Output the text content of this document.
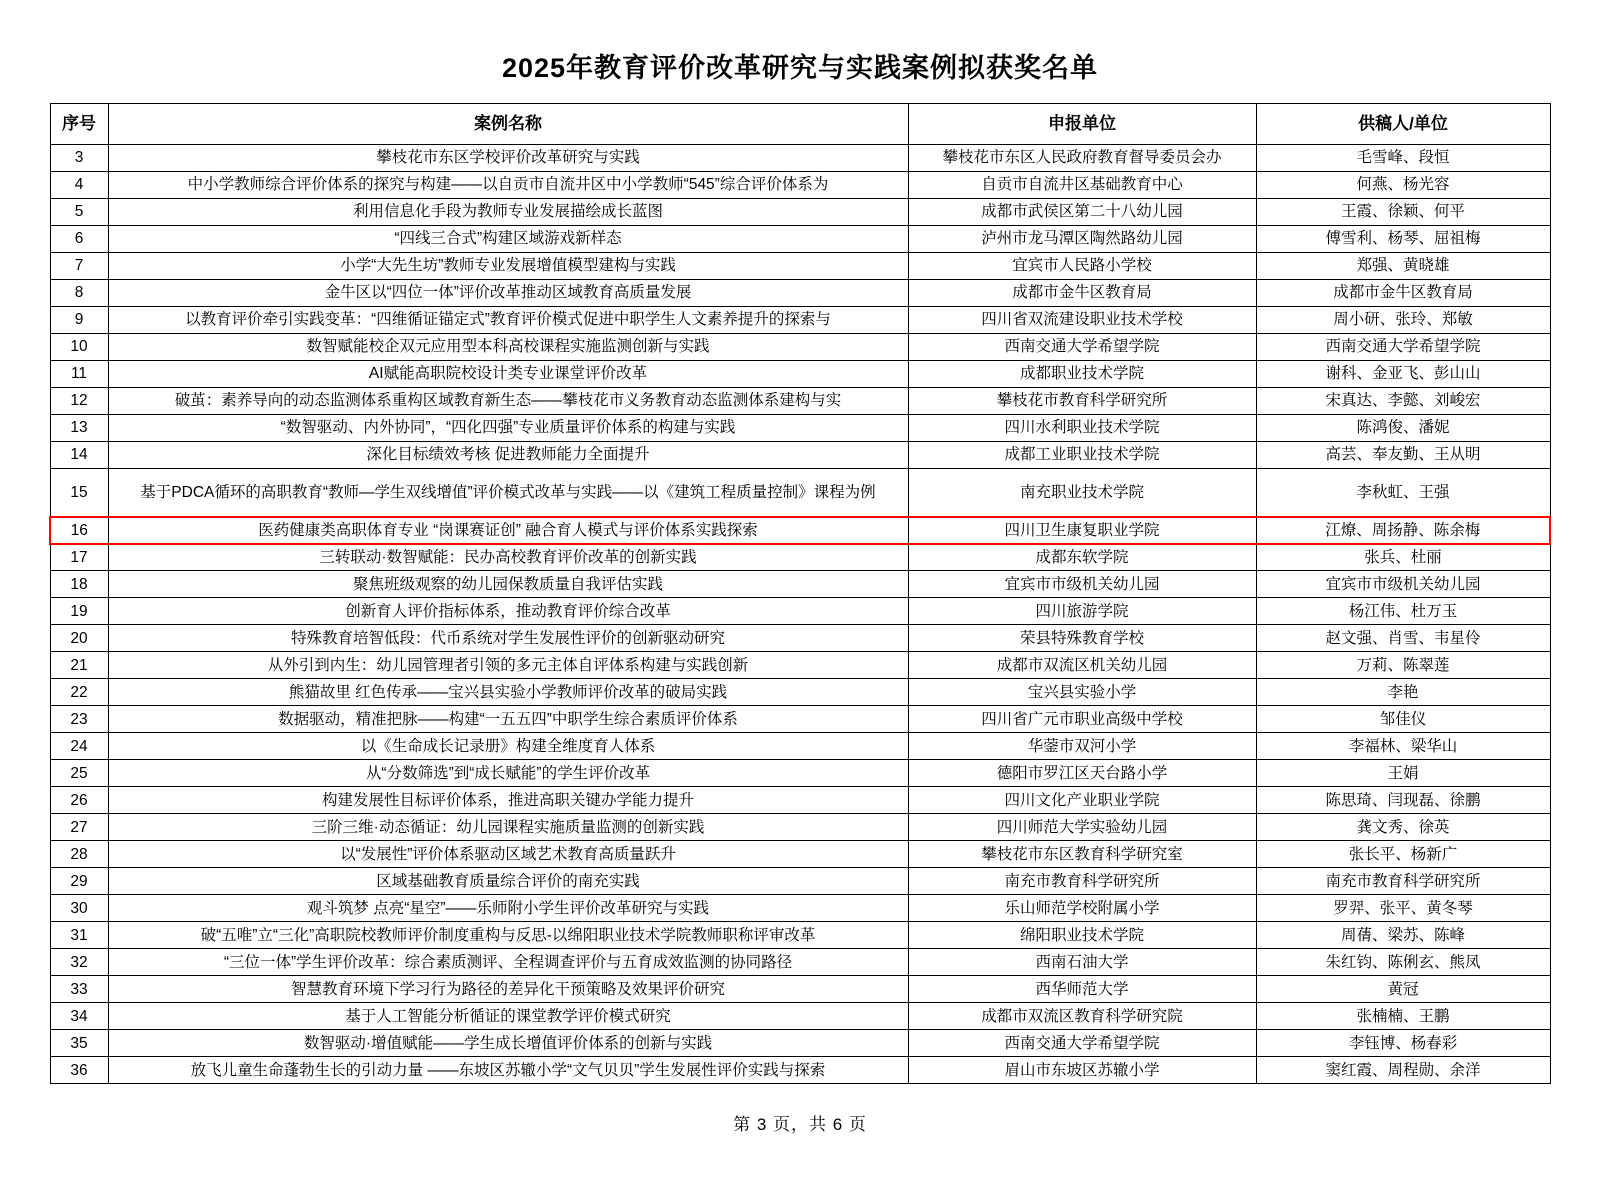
2025年教育评价改革研究与实践案例拟获奖名单
序号	案例名称	申报单位	供稿人/单位
3	攀枝花市东区学校评价改革研究与实践	攀枝花市东区人民政府教育督导委员会办	毛雪峰、段恒
4	中小学教师综合评价体系的探究与构建——以自贡市自流井区中小学教师“545”综合评价体系为	自贡市自流井区基础教育中心	何燕、杨光容
5	利用信息化手段为教师专业发展描绘成长蓝图	成都市武侯区第二十八幼儿园	王霞、徐颖、何平
6	“四线三合式”构建区域游戏新样态	泸州市龙马潭区陶然路幼儿园	傅雪利、杨琴、屈祖梅
7	小学“大先生坊”教师专业发展增值模型建构与实践	宜宾市人民路小学校	郑强、黄晓雄
8	金牛区以“四位一体”评价改革推动区域教育高质量发展	成都市金牛区教育局	成都市金牛区教育局
9	以教育评价牵引实践变革：“四维循证锚定式”教育评价模式促进中职学生人文素养提升的探索与	四川省双流建设职业技术学校	周小研、张玲、郑敏
10	数智赋能校企双元应用型本科高校课程实施监测创新与实践	西南交通大学希望学院	西南交通大学希望学院
11	AI赋能高职院校设计类专业课堂评价改革	成都职业技术学院	谢科、金亚飞、彭山山
12	破茧：素养导向的动态监测体系重构区域教育新生态——攀枝花市义务教育动态监测体系建构与实	攀枝花市教育科学研究所	宋真达、李懿、刘峻宏
13	“数智驱动、内外协同”，“四化四强”专业质量评价体系的构建与实践	四川水利职业技术学院	陈鸿俊、潘妮
14	深化目标绩效考核 促进教师能力全面提升	成都工业职业技术学院	高芸、奉友勤、王从明
15	基于PDCA循环的高职教育“教师—学生双线增值”评价模式改革与实践——以《建筑工程质量控制》课程为例	南充职业技术学院	李秋虹、王强
16	医药健康类高职体育专业 “岗课赛证创” 融合育人模式与评价体系实践探索	四川卫生康复职业学院	江燎、周扬静、陈余梅
17	三转联动·数智赋能：民办高校教育评价改革的创新实践	成都东软学院	张兵、杜丽
18	聚焦班级观察的幼儿园保教质量自我评估实践	宜宾市市级机关幼儿园	宜宾市市级机关幼儿园
19	创新育人评价指标体系，推动教育评价综合改革	四川旅游学院	杨江伟、杜万玉
20	特殊教育培智低段：代币系统对学生发展性评价的创新驱动研究	荣县特殊教育学校	赵文强、肖雪、韦星伶
21	从外引到内生：幼儿园管理者引领的多元主体自评体系构建与实践创新	成都市双流区机关幼儿园	万莉、陈翠莲
22	熊猫故里 红色传承——宝兴县实验小学教师评价改革的破局实践	宝兴县实验小学	李艳
23	数据驱动，精准把脉——构建“一五五四”中职学生综合素质评价体系	四川省广元市职业高级中学校	邹佳仪
24	以《生命成长记录册》构建全维度育人体系	华蓥市双河小学	李福林、梁华山
25	从“分数筛选”到“成长赋能”的学生评价改革	德阳市罗江区天台路小学	王娟
26	构建发展性目标评价体系，推进高职关键办学能力提升	四川文化产业职业学院	陈思琦、闫现磊、徐鹏
27	三阶三维·动态循证：幼儿园课程实施质量监测的创新实践	四川师范大学实验幼儿园	龚文秀、徐英
28	以“发展性”评价体系驱动区域艺术教育高质量跃升	攀枝花市东区教育科学研究室	张长平、杨新广
29	区域基础教育质量综合评价的南充实践	南充市教育科学研究所	南充市教育科学研究所
30	观斗筑梦 点亮“星空”——乐师附小学生评价改革研究与实践	乐山师范学校附属小学	罗羿、张平、黄冬琴
31	破“五唯”立“三化”高职院校教师评价制度重构与反思-以绵阳职业技术学院教师职称评审改革	绵阳职业技术学院	周蒨、梁苏、陈峰
32	“三位一体”学生评价改革：综合素质测评、全程调查评价与五育成效监测的协同路径	西南石油大学	朱红钧、陈俐玄、熊凤
33	智慧教育环境下学习行为路径的差异化干预策略及效果评价研究	西华师范大学	黄冠
34	基于人工智能分析循证的课堂教学评价模式研究	成都市双流区教育科学研究院	张楠楠、王鹏
35	数智驱动·增值赋能——学生成长增值评价体系的创新与实践	西南交通大学希望学院	李钰博、杨春彩
36	放飞儿童生命蓬勃生长的引动力量 ——东坡区苏辙小学“文气贝贝”学生发展性评价实践与探索	眉山市东坡区苏辙小学	窦红霞、周程勋、余洋
第 3 页，共 6 页
